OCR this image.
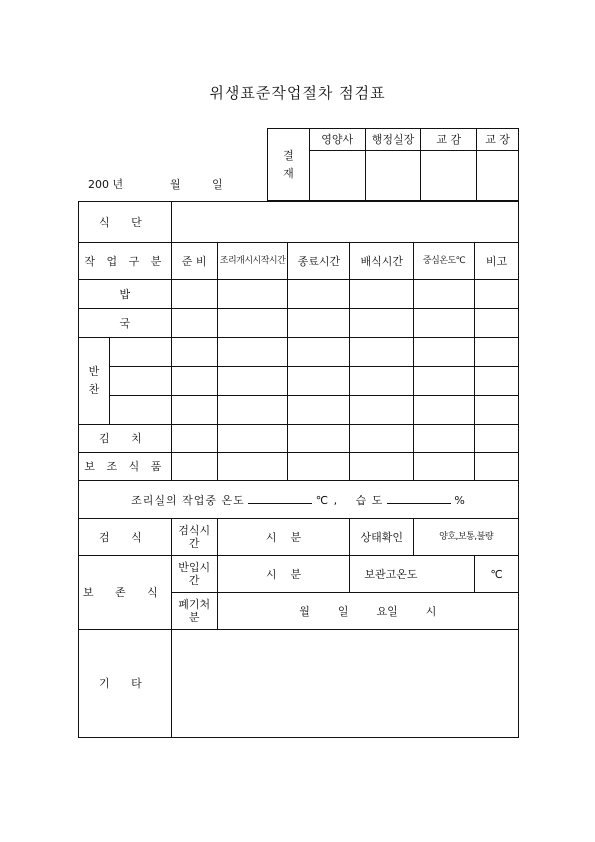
위생표준작업절차 점검표
200 년	월	일
결재	영양사	행정실장	교 감	교 장

식 단							
작 업 구 분		준 비	조리개시시작시간	종료시간	배식시간	중심온도℃	비고
밥							
국							

반찬							

김 치							
보 조 식 품							
조리실의 작업중 온도 ℃ , 습 도 %							
검 식		검식시간	시    분		상태확인	양호,보통,불량	
보 존 식		반입시간	시    분		보관고온도		℃

		폐기처분	월        일        요일        시				
기 타							
